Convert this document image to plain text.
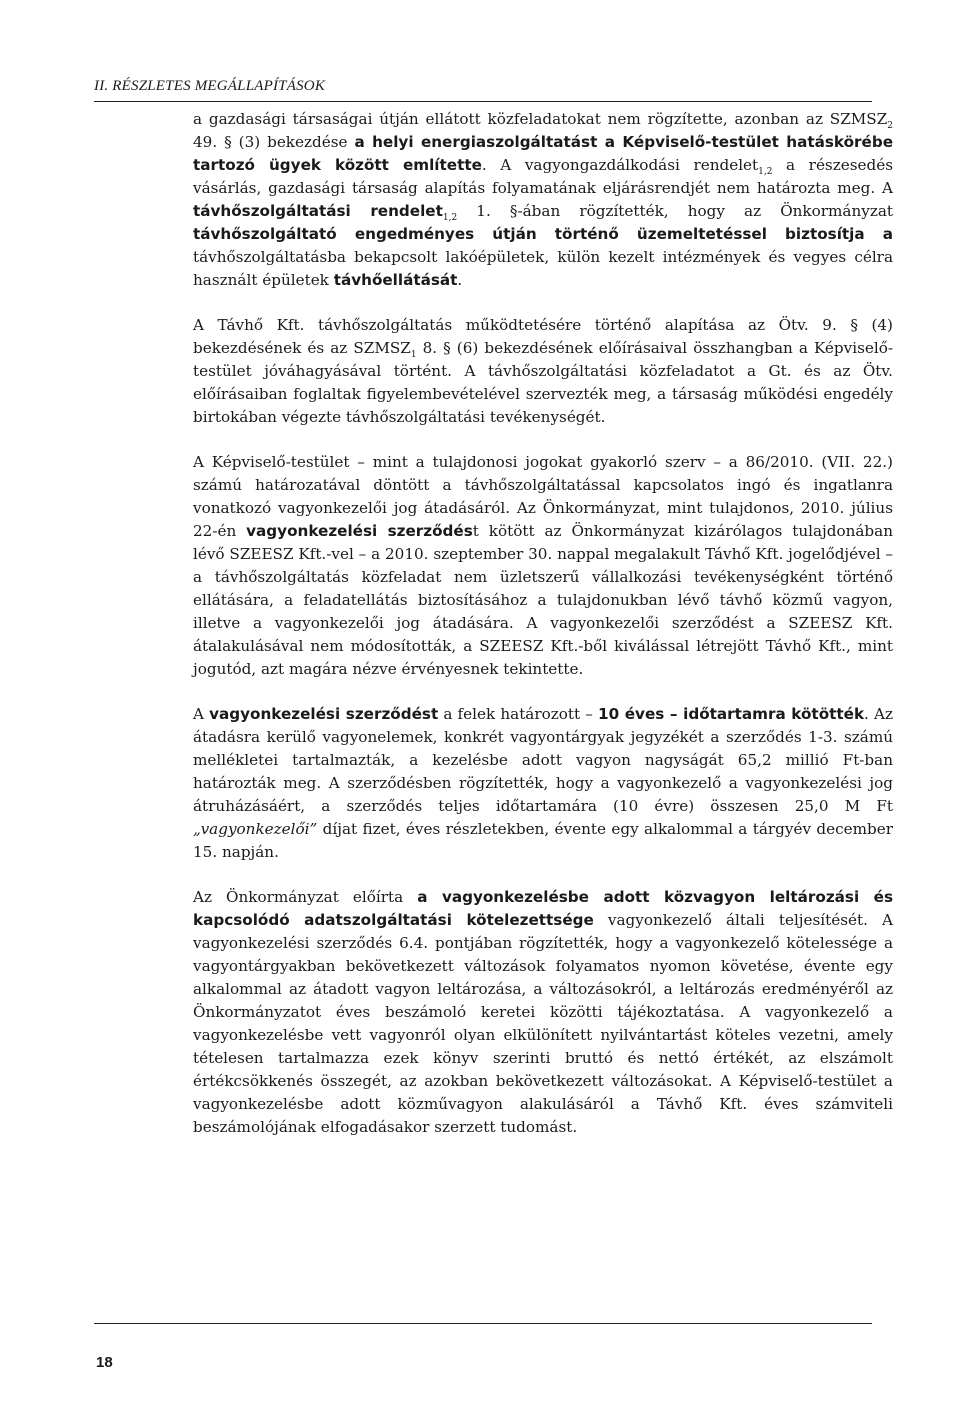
II. RÉSZLETES MEGÁLLAPÍTÁSOK

a gazdasági társaságai útján ellátott közfeladatokat nem rögzítette, azonban az $SZMSZ_2$ 49. § (3) bekezdése a helyi energiaszolgáltatást a Képviselő-testület hatáskörébe tartozó ügyek között említette. A vagyongazdálkodási rendelet$_{1,2}$ a részesedés vásárlás, gazdasági társaság alapítás folyamatának eljárásrendjét nem határozta meg. A távhőszolgáltatási rendelet$_{1,2}$ 1. §-ában rögzítették, hogy az Önkormányzat távhőszolgáltató engedményes útján történő üzemeltetéssel biztosítja a távhőszolgáltatásba bekapcsolt lakóépületek, külön kezelt intézmények és vegyes célra használt épületek távhőellátását.

A Távhő Kft. távhőszolgáltatás működtetésére történő alapítása az Ötv. 9. § (4) bekezdésének és az $SZMSZ_1$ 8. § (6) bekezdésének előírásaival összhangban a Képviselő-testület jóváhagyásával történt. A távhőszolgáltatási közfeladatot a Gt. és az Ötv. előírásaiban foglaltak figyelembevételével szervezték meg, a társaság működési engedély birtokában végezte távhőszolgáltatási tevékenységét.

A Képviselő-testület – mint a tulajdonosi jogokat gyakorló szerv – a 86/2010. (VII. 22.) számú határozatával döntött a távhőszolgáltatással kapcsolatos ingó és ingatlanra vonatkozó vagyonkezelői jog átadásáról. Az Önkormányzat, mint tulajdonos, 2010. július 22-én vagyonkezelési szerződést kötött az Önkormányzat kizárólagos tulajdonában lévő SZEESZ Kft.-vel – a 2010. szeptember 30. nappal megalakult Távhő Kft. jogelődjével – a távhőszolgáltatás közfeladat nem üzletszerű vállalkozási tevékenységként történő ellátására, a feladatellátás biztosításához a tulajdonukban lévő távhő közmű vagyon, illetve a vagyonkezelői jog átadására. A vagyonkezelői szerződést a SZEESZ Kft. átalakulásával nem módosították, a SZEESZ Kft.-ből kiválással létrejött Távhő Kft., mint jogutód, azt magára nézve érvényesnek tekintette.

A vagyonkezelési szerződést a felek határozott – 10 éves – időtartamra kötötték. Az átadásra kerülő vagyonelemek, konkrét vagyontárgyak jegyzékét a szerződés 1-3. számú mellékletei tartalmazták, a kezelésbe adott vagyon nagyságát 65,2 millió Ft-ban határozták meg. A szerződésben rögzítették, hogy a vagyonkezelő a vagyonkezelési jog átruházásáért, a szerződés teljes időtartamára (10 évre) összesen 25,0 M Ft „vagyonkezelői” díjat fizet, éves részletekben, évente egy alkalommal a tárgyév december 15. napján.

Az Önkormányzat előírta a vagyonkezelésbe adott közvagyon leltározási és kapcsolódó adatszolgáltatási kötelezettsége vagyonkezelő általi teljesítését. A vagyonkezelési szerződés 6.4. pontjában rögzítették, hogy a vagyonkezelő kötelessége a vagyontárgyakban bekövetkezett változások folyamatos nyomon követése, évente egy alkalommal az átadott vagyon leltározása, a változásokról, a leltározás eredményéről az Önkormányzatot éves beszámoló keretei közötti tájékoztatása. A vagyonkezelő a vagyonkezelésbe vett vagyonról olyan elkülönített nyilvántartást köteles vezetni, amely tételesen tartalmazza ezek könyv szerinti bruttó és nettó értékét, az elszámolt értékcsökkenés összegét, az azokban bekövetkezett változásokat. A Képviselő-testület a vagyonkezelésbe adott közművagyon alakulásáról a Távhő Kft. éves számviteli beszámolójának elfogadásakor szerzett tudomást.

18
